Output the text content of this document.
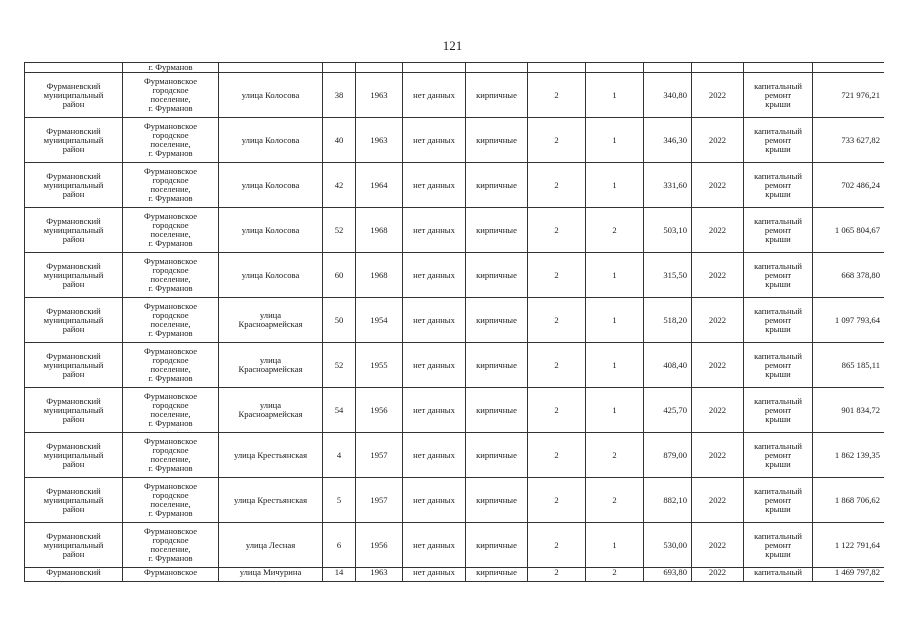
121

	г. Фурманов											

Фурманевский
муниципальный
район	Фурмановское
городское
поселение,
г. Фурманов	улица Колосова	38	1963	нет данных	кирпичные	2	1	340,80	2022	капитальный
ремонт
крыши	721 976,21

Фурмановский
муниципальный
район	Фурмановское
городское
поселение,
г. Фурманов	улица Колосова	40	1963	нет данных	кирпичные	2	1	346,30	2022	капитальный
ремонт
крыши	733 627,82

Фурмановский
муниципальный
район	Фурмановское
городское
поселение,
г. Фурманов	улица Колосова	42	1964	нет данных	кирпичные	2	1	331,60	2022	капитальный
ремонт
крыши	702 486,24

Фурмановский
муниципальный
район	Фурмановское
городское
поселение,
г. Фурманов	улица Колосова	52	1968	нет данных	кирпичные	2	2	503,10	2022	капитальный
ремонт
крыши	1 065 804,67

Фурмановский
муниципальный
район	Фурмановское
городское
поселение,
г. Фурманов	улица Колосова	60	1968	нет данных	кирпичные	2	1	315,50	2022	капитальный
ремонт
крыши	668 378,80

Фурмановский
муниципальный
район	Фурмановское
городское
поселение,
г. Фурманов	улица
Красноармейская	50	1954	нет данных	кирпичные	2	1	518,20	2022	капитальный
ремонт
крыши	1 097 793,64

Фурмановский
муниципальный
район	Фурмановское
городское
поселение,
г. Фурманов	улица
Красноармейская	52	1955	нет данных	кирпичные	2	1	408,40	2022	капитальный
ремонт
крыши	865 185,11

Фурмановский
муниципальный
район	Фурмановское
городское
поселение,
г. Фурманов	улица
Красноармейская	54	1956	нет данных	кирпичные	2	1	425,70	2022	капитальный
ремонт
крыши	901 834,72

Фурмановский
муниципальный
район	Фурмановское
городское
поселение,
г. Фурманов	улица Крестьянская	4	1957	нет данных	кирпичные	2	2	879,00	2022	капитальный
ремонт
крыши	1 862 139,35

Фурмановский
муниципальный
район	Фурмановское
городское
поселение,
г. Фурманов	улица Крестьянская	5	1957	нет данных	кирпичные	2	2	882,10	2022	капитальный
ремонт
крыши	1 868 706,62

Фурмановский
муниципальный
район	Фурмановское
городское
поселение,
г. Фурманов	улица Лесная	6	1956	нет данных	кирпичные	2	1	530,00	2022	капитальный
ремонт
крыши	1 122 791,64

Фурмановский	Фурмановское	улица Мичурина	14	1963	нет данных	кирпичные	2	2	693,80	2022	капитальный	1 469 797,82
